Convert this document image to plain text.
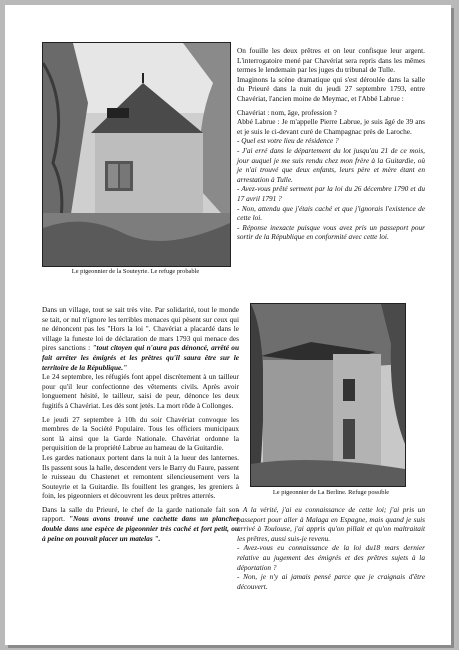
Le pigeonnier de la Souteyrie. Le refuge probable

Dans un village, tout se sait très vite. Par solidarité, tout le monde se tait, or nul n'ignore les terribles menaces qui pèsent sur ceux qui ne dénoncent pas les "Hors la loi ". Chavériat a placardé dans le village la funeste loi de déclaration de mars 1793 qui menace des pires sanctions : "tout citoyen qui n'aura pas dénoncé, arrêté ou fait arrêter les émigrés et les prêtres qu'il saura être sur le territoire de la République."

Le 24 septembre, les réfugiés font appel discrètement à un tailleur pour qu'il leur confectionne des vêtements civils. Après avoir longuement hésité, le tailleur, saisi de peur, dénonce les deux fugitifs à Chavériat. Les dés sont jetés. La mort rôde à Collonges.

Le jeudi 27 septembre à 10h du soir Chavériat convoque les membres de la Société Populaire. Tous les officiers municipaux sont là ainsi que la Garde Nationale. Chavériat ordonne la perquisition de la propriété Labrue au hameau de la Guitardie.

Les gardes nationaux portent dans la nuit à la lueur des lanternes. Ils passent sous la halle, descendent vers le Barry du Faure, passent le ruisseau du Chastenet et remontent silencieusement vers la Souteyrie et la Guitardie. Ils fouillent les granges, les greniers à foin, les pigeonniers et découvrent les deux prêtres atterrés.

Dans la salle du Prieuré, le chef de la garde nationale fait son rapport. "Nous avons trouvé une cachette dans un plancher double dans une espèce de pigeonnier très caché et fort petit, ou à peine on pouvait placer un matelas ".

On fouille les deux prêtres et on leur confisque leur argent. L'interrogatoire mené par Chavériat sera repris dans les mêmes termes le lendemain par les juges du tribunal de Tulle.

Imaginons la scène dramatique qui s'est déroulée dans la salle du Prieuré dans la nuit du jeudi 27 septembre 1793, entre Chavériat, l'ancien moine de Meymac, et l'Abbé Labrue :

Chavériat : nom, âge, profession ?

Abbé Labrue : Je m'appelle Pierre Labrue, je suis âgé de 39 ans et je suis le ci-devant curé de Champagnac près de Laroche.

- Quel est votre lieu de résidence ?

- J'ai erré dans le département du lot jusqu'au 21 de ce mois, jour auquel je me suis rendu chez mon frère à la Guitardie, où je n'ai trouvé que deux enfants, leurs père et mère étant en arrestation à Tulle.

- Avez-vous prêté serment par la loi du 26 décembre 1790 et du 17 avril 1791 ?

- Non, attendu que j'étais caché et que j'ignorais l'existence de cette loi.

- Réponse inexacte puisque vous avez pris un passeport pour sortir de la République en conformité avec cette loi.

Le pigeonnier de La Berline. Refuge possible

- A la vérité, j'ai eu connaissance de cette loi; j'ai pris un passeport pour aller à Malaga en Espagne, mais quand je suis arrivé à Toulouse, j'ai appris qu'on pillait et qu'on maltraitait les prêtres, aussi suis-je revenu.

- Avez-vous eu connaissance de la loi du18 mars dernier relative au jugement des émigrés et des prêtres sujets à la déportation ?

- Non, je n'y ai jamais pensé parce que je craignais d'être découvert.
